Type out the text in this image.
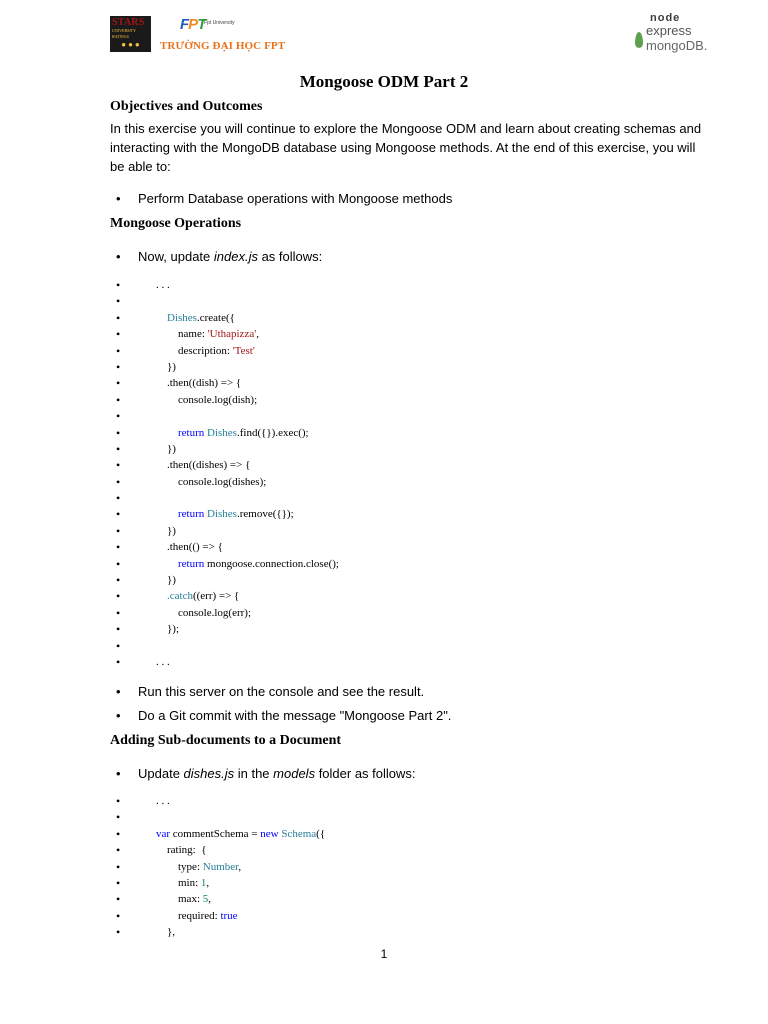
STARS
UNIVERSITY RATINGS
● ● ●
FPT
Fpt University
TRƯỜNG ĐẠI HỌC FPT
node
express
mongoDB.
Mongoose ODM Part 2
Objectives and Outcomes
In this exercise you will continue to explore the Mongoose ODM and learn about creating schemas and interacting with the MongoDB database using Mongoose methods. At the end of this exercise, you will be able to:
• Perform Database operations with Mongoose methods
Mongoose Operations
• Now, update index.js as follows:
•	. . .
•
•	Dishes.create({
•	name: 'Uthapizza',
•	description: 'Test'
•	})
•	.then((dish) => {
•	console.log(dish);
•
•	return Dishes.find({}).exec();
•	})
•	.then((dishes) => {
•	console.log(dishes);
•
•	return Dishes.remove({});
•	})
•	.then(() => {
•	return mongoose.connection.close();
•	})
•	.catch((err) => {
•	console.log(err);
•	});
•
•	. . .
• Run this server on the console and see the result.
• Do a Git commit with the message "Mongoose Part 2".
Adding Sub-documents to a Document
• Update dishes.js in the models folder as follows:
•	. . .
•
•	var commentSchema = new Schema({
•	rating:  {
•	type: Number,
•	min: 1,
•	max: 5,
•	required: true
•	},
1
